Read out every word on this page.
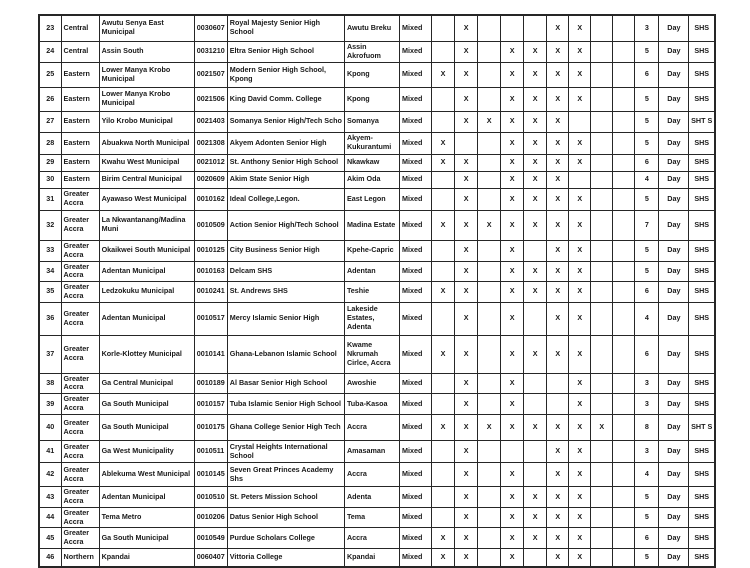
23	Central	Awutu Senya East Municipal	0030607	Royal Majesty Senior High School	Awutu Breku	Mixed		X				X	X			3	Day	SHS
24	Central	Assin South	0031210	Eltra Senior High School	Assin Akrofuom	Mixed		X		X	X	X	X			5	Day	SHS
25	Eastern	Lower Manya Krobo Municipal	0021507	Modern Senior High School, Kpong	Kpong	Mixed	X	X		X	X	X	X			6	Day	SHS
26	Eastern	Lower Manya Krobo Municipal	0021506	King David Comm. College	Kpong	Mixed		X		X	X	X	X			5	Day	SHS
27	Eastern	Yilo Krobo Municipal	0021403	Somanya Senior High/Tech Scho	Somanya	Mixed		X	X	X	X	X				5	Day	SHT S
28	Eastern	Abuakwa North Municipal	0021308	Akyem Adonten Senior High	Akyem-Kukurantumi	Mixed	X			X	X	X	X			5	Day	SHS
29	Eastern	Kwahu West Municipal	0021012	St. Anthony Senior High School	Nkawkaw	Mixed	X	X		X	X	X	X			6	Day	SHS
30	Eastern	Birim Central Municipal	0020609	Akim State Senior High	Akim Oda	Mixed		X		X	X	X				4	Day	SHS
31	Greater Accra	Ayawaso West Municipal	0010162	Ideal College,Legon.	East Legon	Mixed		X		X	X	X	X			5	Day	SHS
32	Greater Accra	La Nkwantanang/Madina Muni	0010509	Action Senior High/Tech School	Madina Estate	Mixed	X	X	X	X	X	X	X			7	Day	SHS
33	Greater Accra	Okaikwei South Municipal	0010125	City Business Senior High	Kpehe-Capric	Mixed		X		X		X	X			5	Day	SHS
34	Greater Accra	Adentan Municipal	0010163	Delcam SHS	Adentan	Mixed		X		X	X	X	X			5	Day	SHS
35	Greater Accra	Ledzokuku Municipal	0010241	St. Andrews SHS	Teshie	Mixed	X	X		X	X	X	X			6	Day	SHS
36	Greater Accra	Adentan Municipal	0010517	Mercy Islamic Senior High	Lakeside Estates, Adenta	Mixed		X		X		X	X			4	Day	SHS
37	Greater Accra	Korle-Klottey Municipal	0010141	Ghana-Lebanon Islamic School	Kwame Nkrumah Cirlce, Accra	Mixed	X	X		X	X	X	X			6	Day	SHS
38	Greater Accra	Ga Central Municipal	0010189	Al Basar Senior High School	Awoshie	Mixed		X		X			X			3	Day	SHS
39	Greater Accra	Ga South Municipal	0010157	Tuba Islamic Senior High School	Tuba-Kasoa	Mixed		X		X			X			3	Day	SHS
40	Greater Accra	Ga South Municipal	0010175	Ghana College Senior High Tech	Accra	Mixed	X	X	X	X	X	X	X	X		8	Day	SHT S
41	Greater Accra	Ga West Municipality	0010511	Crystal Heights International School	Amasaman	Mixed		X				X	X			3	Day	SHS
42	Greater Accra	Ablekuma West Municipal	0010145	Seven Great Princes Academy Shs	Accra	Mixed		X		X		X	X			4	Day	SHS
43	Greater Accra	Adentan Municipal	0010510	St. Peters Mission School	Adenta	Mixed		X		X	X	X	X			5	Day	SHS
44	Greater Accra	Tema Metro	0010206	Datus Senior High School	Tema	Mixed		X		X	X	X	X			5	Day	SHS
45	Greater Accra	Ga South Municipal	0010549	Purdue Scholars College	Accra	Mixed	X	X		X	X	X	X			6	Day	SHS
46	Northern	Kpandai	0060407	Vittoria College	Kpandai	Mixed	X	X		X		X	X			5	Day	SHS
